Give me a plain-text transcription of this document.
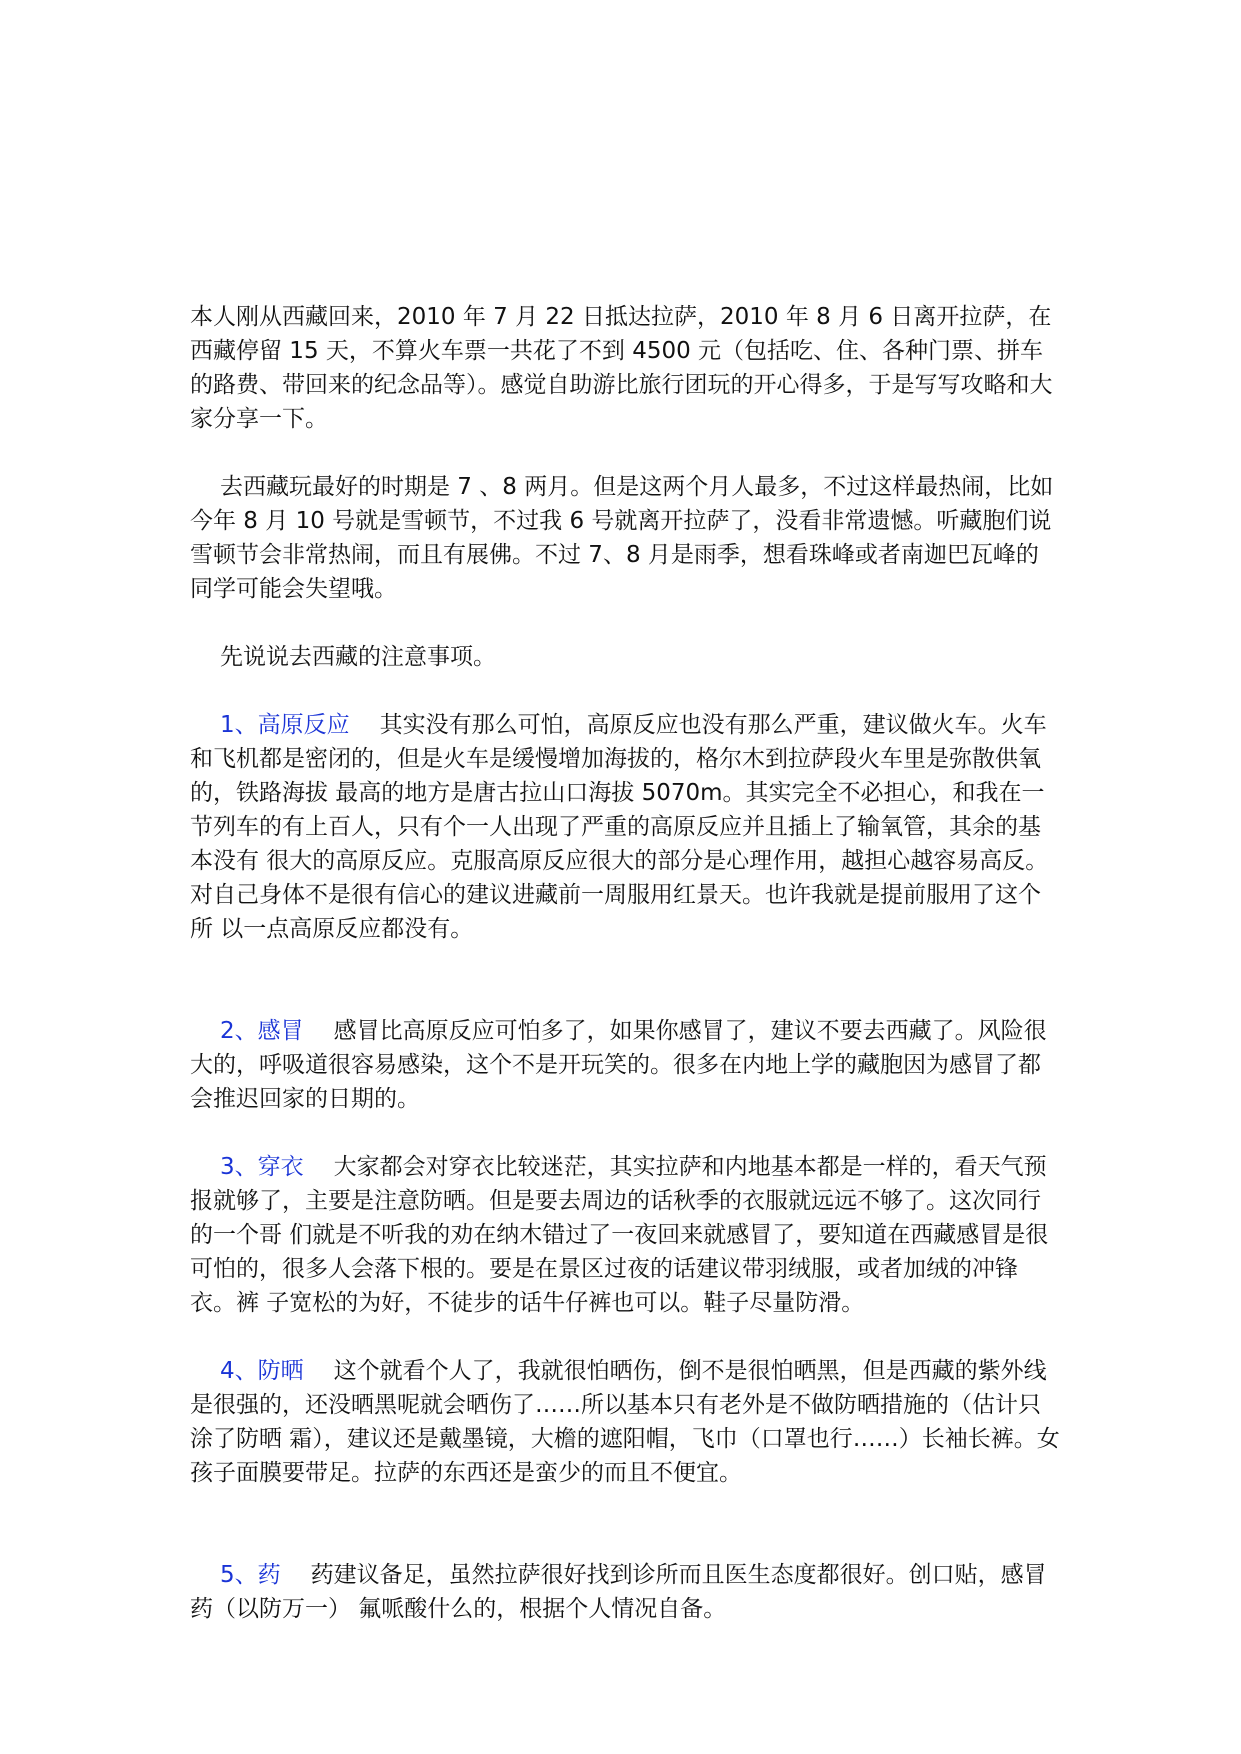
本人刚从西藏回来，2010 年 7 月 22 日抵达拉萨，2010 年 8 月 6 日离开拉萨，在西藏停留 15 天，不算火车票一共花了不到 4500 元（包括吃、住、各种门票、拼车的路费、带回来的纪念品等）。感觉自助游比旅行团玩的开心得多，于是写写攻略和大家分享一下。

去西藏玩最好的时期是 7 、8 两月。但是这两个月人最多，不过这样最热闹，比如今年 8 月 10 号就是雪顿节，不过我 6 号就离开拉萨了，没看非常遗憾。听藏胞们说雪顿节会非常热闹，而且有展佛。不过 7、8 月是雨季，想看珠峰或者南迦巴瓦峰的同学可能会失望哦。

先说说去西藏的注意事项。

1、高原反应 其实没有那么可怕，高原反应也没有那么严重，建议做火车。火车和飞机都是密闭的，但是火车是缓慢增加海拔的，格尔木到拉萨段火车里是弥散供氧的，铁路海拔 最高的地方是唐古拉山口海拔 5070m。其实完全不必担心，和我在一节列车的有上百人，只有个一人出现了严重的高原反应并且插上了输氧管，其余的基本没有 很大的高原反应。克服高原反应很大的部分是心理作用，越担心越容易高反。对自己身体不是很有信心的建议进藏前一周服用红景天。也许我就是提前服用了这个所 以一点高原反应都没有。

2、感冒 感冒比高原反应可怕多了，如果你感冒了，建议不要去西藏了。风险很大的，呼吸道很容易感染，这个不是开玩笑的。很多在内地上学的藏胞因为感冒了都会推迟回家的日期的。

3、穿衣 大家都会对穿衣比较迷茫，其实拉萨和内地基本都是一样的，看天气预报就够了，主要是注意防晒。但是要去周边的话秋季的衣服就远远不够了。这次同行的一个哥 们就是不听我的劝在纳木错过了一夜回来就感冒了，要知道在西藏感冒是很可怕的，很多人会落下根的。要是在景区过夜的话建议带羽绒服，或者加绒的冲锋衣。裤 子宽松的为好，不徒步的话牛仔裤也可以。鞋子尽量防滑。

4、防晒 这个就看个人了，我就很怕晒伤，倒不是很怕晒黑，但是西藏的紫外线是很强的，还没晒黑呢就会晒伤了……所以基本只有老外是不做防晒措施的（估计只涂了防晒 霜），建议还是戴墨镜，大檐的遮阳帽，飞巾（口罩也行……）长袖长裤。女孩子面膜要带足。拉萨的东西还是蛮少的而且不便宜。

5、药 药建议备足，虽然拉萨很好找到诊所而且医生态度都很好。创口贴，感冒药（以防万一） 氟哌酸什么的，根据个人情况自备。
